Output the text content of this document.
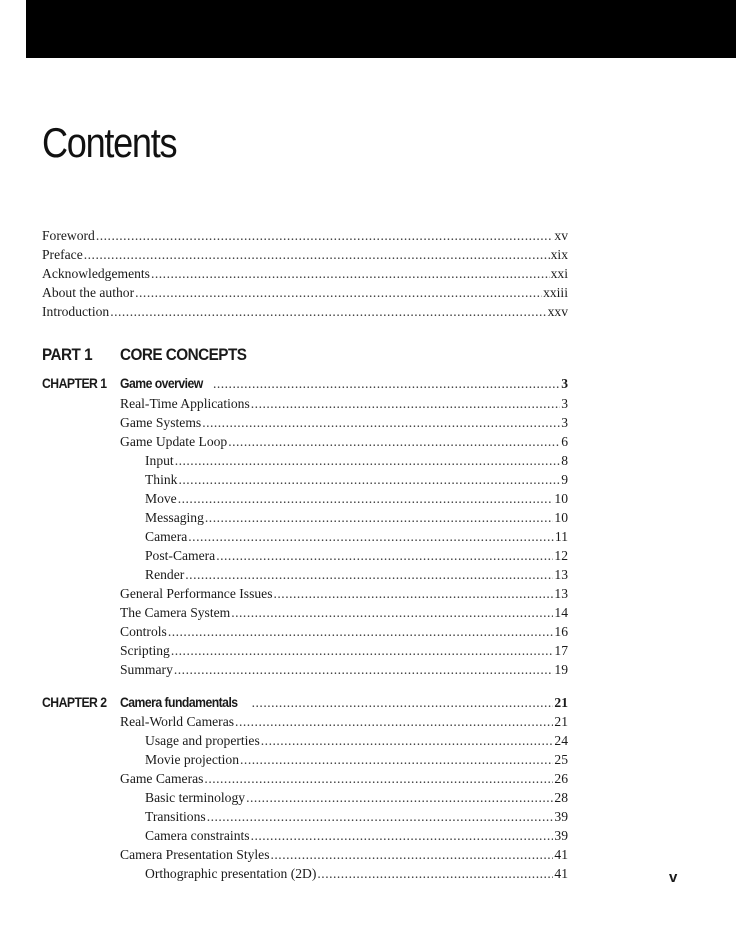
Contents
Foreword .....	xv
Preface .....	xix
Acknowledgements .....	xxi
About the author .....	xxiii
Introduction .....	xxv
PART 1 CORE CONCEPTS
CHAPTER 1 Game overview .....	3
Real-Time Applications .....	3
Game Systems .....	3
Game Update Loop .....	6
Input .....	8
Think .....	9
Move .....	10
Messaging .....	10
Camera .....	11
Post-Camera .....	12
Render .....	13
General Performance Issues .....	13
The Camera System .....	14
Controls .....	16
Scripting .....	17
Summary .....	19
CHAPTER 2 Camera fundamentals .....	21
Real-World Cameras .....	21
Usage and properties .....	24
Movie projection .....	25
Game Cameras .....	26
Basic terminology .....	28
Transitions .....	39
Camera constraints .....	39
Camera Presentation Styles .....	41
Orthographic presentation (2D) .....	41	v
